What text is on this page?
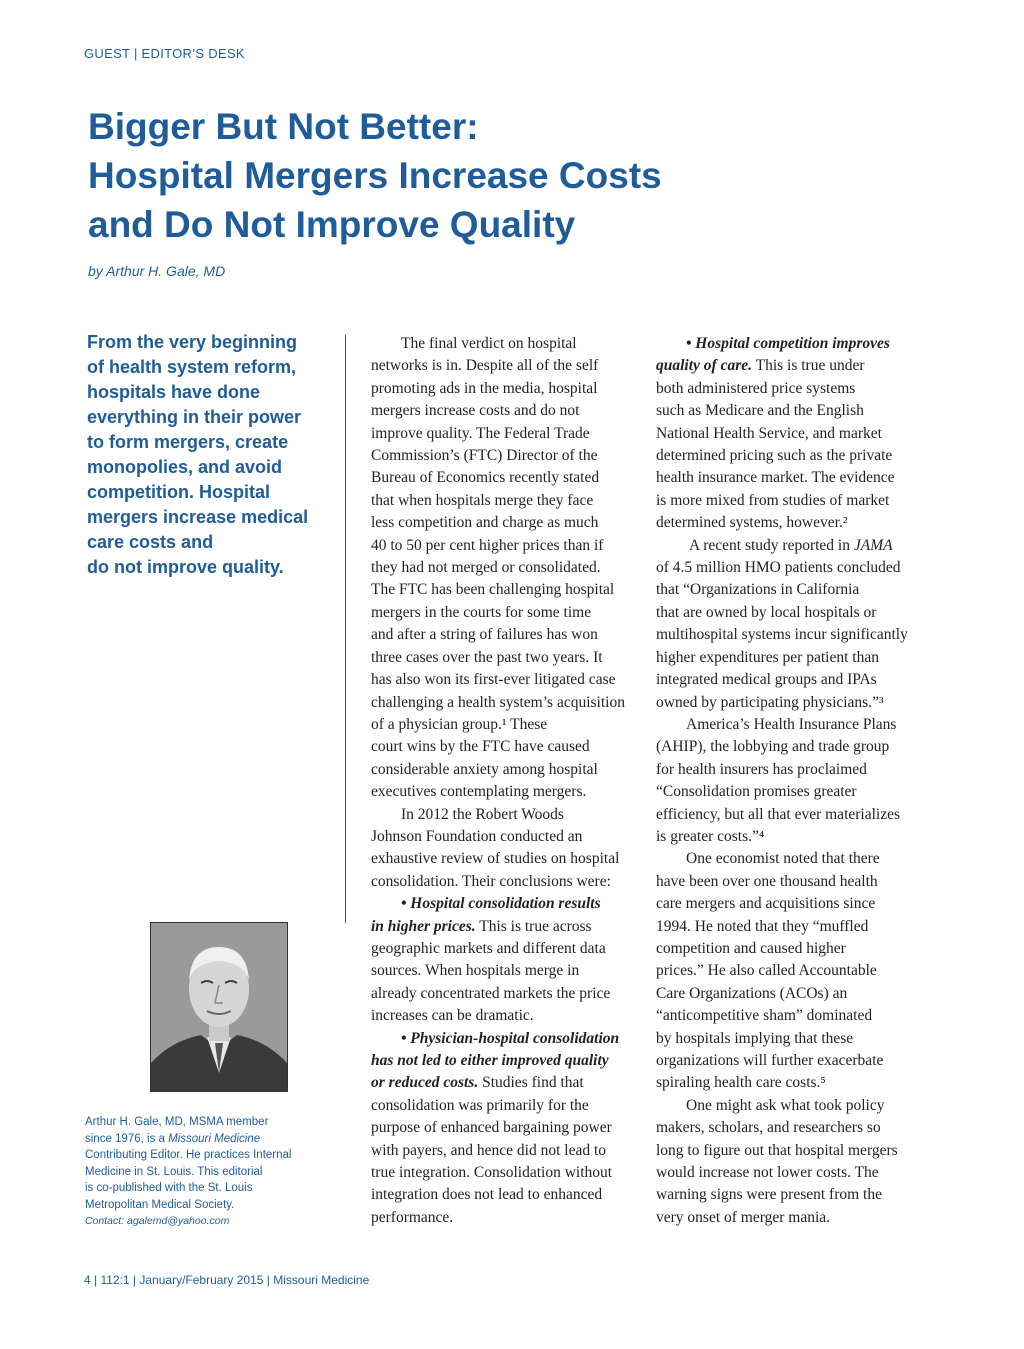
GUEST | EDITOR’S DESK
Bigger But Not Better:
Hospital Mergers Increase Costs
and Do Not Improve Quality
by Arthur H. Gale, MD
From the very beginning
of health system reform,
hospitals have done
everything in their power
to form mergers, create
monopolies, and avoid
competition. Hospital
mergers increase medical
care costs and
do not improve quality.
Arthur H. Gale, MD, MSMA member
since 1976, is a Missouri Medicine
Contributing Editor. He practices Internal
Medicine in St. Louis. This editorial
is co-published with the St. Louis
Metropolitan Medical Society.
Contact: agalemd@yahoo.com
The final verdict on hospital
networks is in. Despite all of the self
promoting ads in the media, hospital
mergers increase costs and do not
improve quality. The Federal Trade
Commission’s (FTC) Director of the
Bureau of Economics recently stated
that when hospitals merge they face
less competition and charge as much
40 to 50 per cent higher prices than if
they had not merged or consolidated.
The FTC has been challenging hospital
mergers in the courts for some time
and after a string of failures has won
three cases over the past two years. It
has also won its first-ever litigated case
challenging a health system’s acquisition
of a physician group.¹ These
court wins by the FTC have caused
considerable anxiety among hospital
executives contemplating mergers.
In 2012 the Robert Woods
Johnson Foundation conducted an
exhaustive review of studies on hospital
consolidation. Their conclusions were:
• Hospital consolidation results
in higher prices. This is true across
geographic markets and different data
sources. When hospitals merge in
already concentrated markets the price
increases can be dramatic.
• Physician-hospital consolidation
has not led to either improved quality
or reduced costs. Studies find that
consolidation was primarily for the
purpose of enhanced bargaining power
with payers, and hence did not lead to
true integration. Consolidation without
integration does not lead to enhanced
performance.
• Hospital competition improves
quality of care. This is true under
both administered price systems
such as Medicare and the English
National Health Service, and market
determined pricing such as the private
health insurance market. The evidence
is more mixed from studies of market
determined systems, however.²
A recent study reported in JAMA
of 4.5 million HMO patients concluded
that “Organizations in California
that are owned by local hospitals or
multihospital systems incur significantly
higher expenditures per patient than
integrated medical groups and IPAs
owned by participating physicians.”³
America’s Health Insurance Plans
(AHIP), the lobbying and trade group
for health insurers has proclaimed
“Consolidation promises greater
efficiency, but all that ever materializes
is greater costs.”⁴
One economist noted that there
have been over one thousand health
care mergers and acquisitions since
1994. He noted that they “muffled
competition and caused higher
prices.” He also called Accountable
Care Organizations (ACOs) an
“anticompetitive sham” dominated
by hospitals implying that these
organizations will further exacerbate
spiraling health care costs.⁵
One might ask what took policy
makers, scholars, and researchers so
long to figure out that hospital mergers
would increase not lower costs. The
warning signs were present from the
very onset of merger mania.
4 | 112:1 | January/February 2015 | Missouri Medicine
